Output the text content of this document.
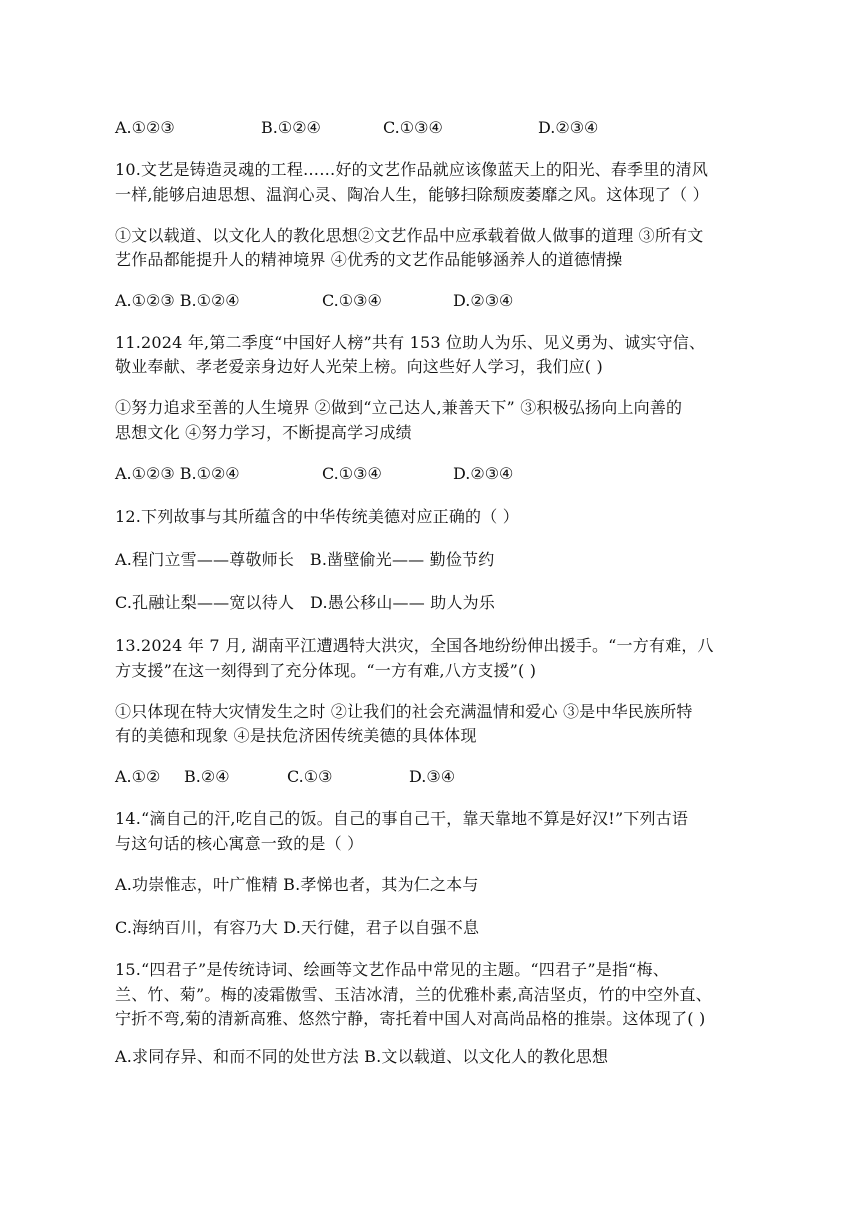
A.①②③	B.①②④	C.①③④	D.②③④
10.文艺是铸造灵魂的工程……好的文艺作品就应该像蓝天上的阳光、春季里的清风
一样,能够启迪思想、温润心灵、陶冶人生，能够扫除颓废萎靡之风。这体现了（ ）
①文以载道、以文化人的教化思想②文艺作品中应承载着做人做事的道理 ③所有文
艺作品都能提升人的精神境界 ④优秀的文艺作品能够涵养人的道德情操
A.①②③ B.①②④	C.①③④	D.②③④
11.2024 年,第二季度“中国好人榜”共有 153 位助人为乐、见义勇为、诚实守信、
敬业奉献、孝老爱亲身边好人光荣上榜。向这些好人学习，我们应( )
①努力追求至善的人生境界 ②做到“立己达人,兼善天下” ③积极弘扬向上向善的
思想文化 ④努力学习，不断提高学习成绩
A.①②③ B.①②④	C.①③④	D.②③④
12.下列故事与其所蕴含的中华传统美德对应正确的（ ）
A.程门立雪——尊敬师长   B.凿壁偷光—— 勤俭节约
C.孔融让梨——宽以待人   D.愚公移山—— 助人为乐
13.2024 年 7 月, 湖南平江遭遇特大洪灾，全国各地纷纷伸出援手。“一方有难，八
方支援”在这一刻得到了充分体现。“一方有难,八方支援”( )
①只体现在特大灾情发生之时 ②让我们的社会充满温情和爱心 ③是中华民族所特
有的美德和现象 ④是扶危济困传统美德的具体体现
A.①② B.②④	C.①③	D.③④
14.“滴自己的汗,吃自己的饭。自己的事自己干，靠天靠地不算是好汉!”下列古语
与这句话的核心寓意一致的是（ ）
A.功崇惟志，叶广惟精 B.孝悌也者，其为仁之本与
C.海纳百川，有容乃大 D.天行健，君子以自强不息
15.“四君子”是传统诗词、绘画等文艺作品中常见的主题。“四君子”是指“梅、
兰、竹、菊”。梅的凌霜傲雪、玉洁冰清，兰的优雅朴素,高洁坚贞，竹的中空外直、
宁折不弯,菊的清新高雅、悠然宁静，寄托着中国人对高尚品格的推崇。这体现了( )
A.求同存异、和而不同的处世方法 B.文以载道、以文化人的教化思想
